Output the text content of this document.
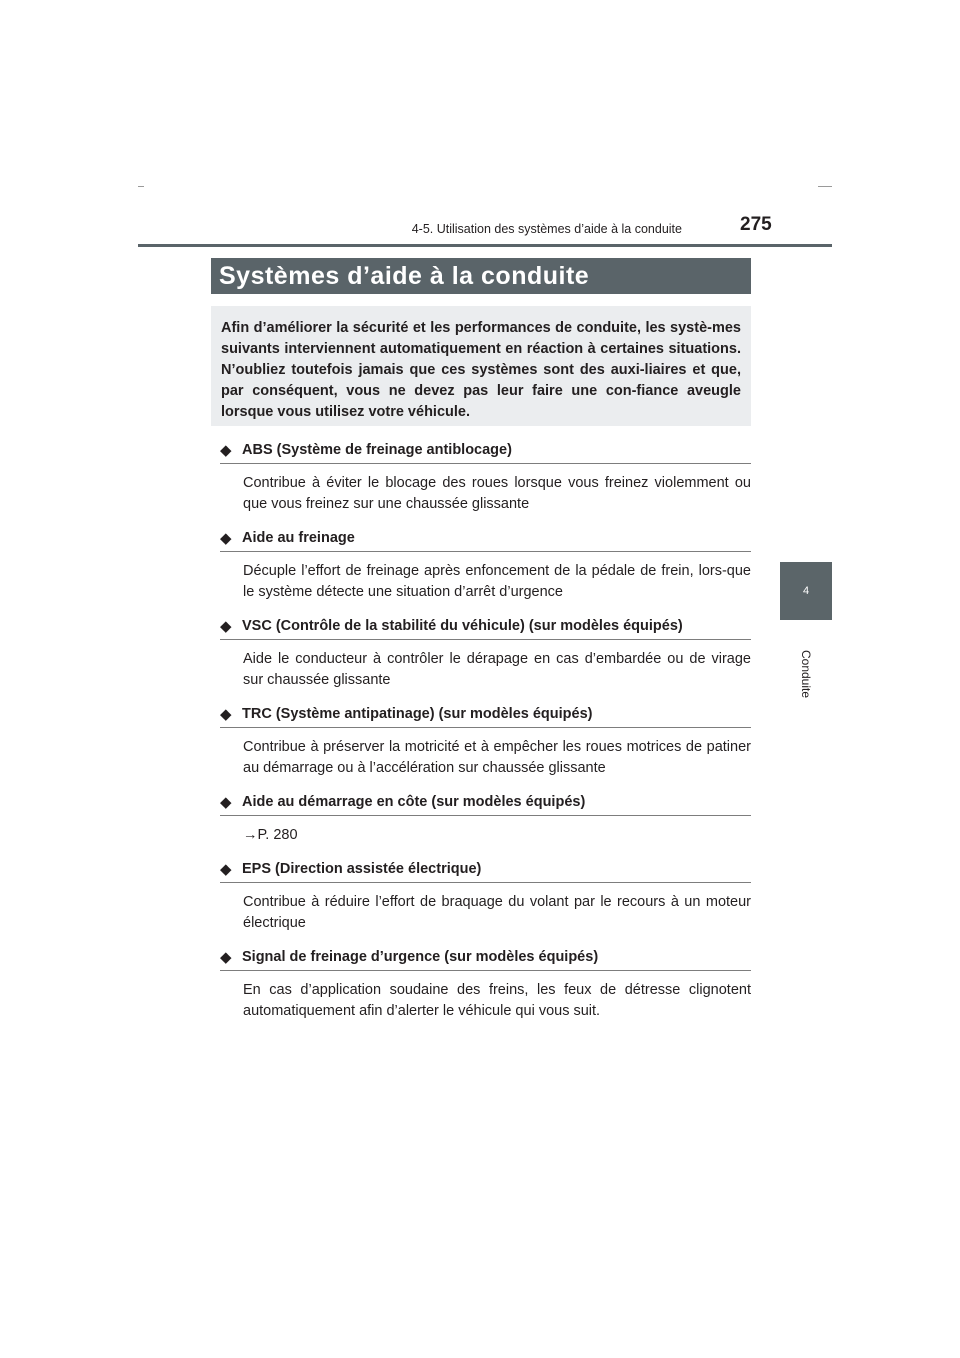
4-5. Utilisation des systèmes d’aide à la conduite	275
4
Conduite
Systèmes d’aide à la conduite
Afin d’améliorer la sécurité et les performances de conduite, les systè-mes suivants interviennent automatiquement en réaction à certaines situations. N’oubliez toutefois jamais que ces systèmes sont des auxi-liaires et que, par conséquent, vous ne devez pas leur faire une con-fiance aveugle lorsque vous utilisez votre véhicule.
◆ ABS (Système de freinage antiblocage)
Contribue à éviter le blocage des roues lorsque vous freinez violemment ou que vous freinez sur une chaussée glissante
◆ Aide au freinage
Décuple l’effort de freinage après enfoncement de la pédale de frein, lors-que le système détecte une situation d’arrêt d’urgence
◆ VSC (Contrôle de la stabilité du véhicule) (sur modèles équipés)
Aide le conducteur à contrôler le dérapage en cas d’embardée ou de virage sur chaussée glissante
◆ TRC (Système antipatinage) (sur modèles équipés)
Contribue à préserver la motricité et à empêcher les roues motrices de patiner au démarrage ou à l’accélération sur chaussée glissante
◆ Aide au démarrage en côte (sur modèles équipés)
→P. 280
◆ EPS (Direction assistée électrique)
Contribue à réduire l’effort de braquage du volant par le recours à un moteur électrique
◆ Signal de freinage d’urgence (sur modèles équipés)
En cas d’application soudaine des freins, les feux de détresse clignotent automatiquement afin d’alerter le véhicule qui vous suit.
